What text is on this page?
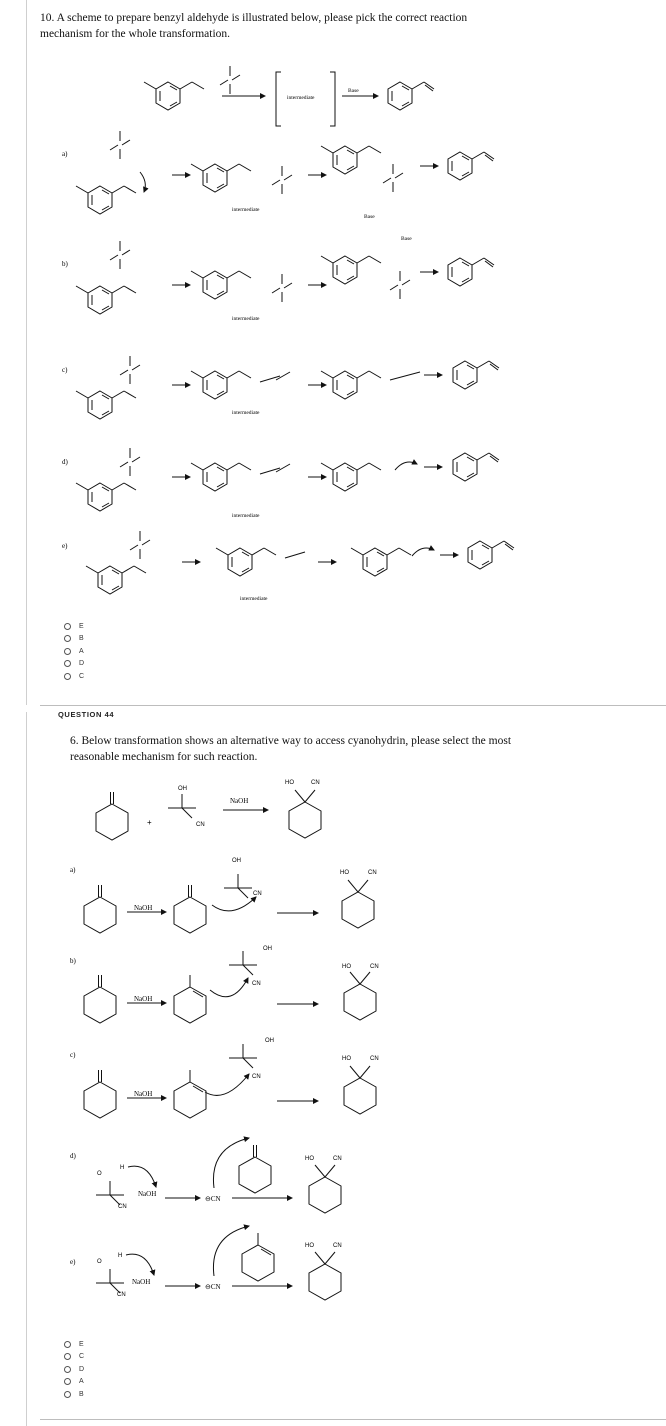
10. A scheme to prepare benzyl aldehyde is illustrated below, please pick the correct reaction
mechanism for the whole transformation.
intermediate
Base
a)
intermediate
Base
b)
intermediate
Base
c)
intermediate
d)
intermediate
e)
intermediate
E
B
A
D
C
QUESTION 44
6. Below transformation shows an alternative way to access cyanohydrin, please select the most
reasonable mechanism for such reaction.
+
OH
CN
NaOH
HO	CN
a)
NaOH
OH
CN
HO	CN
b)
NaOH
OH
CN
HO	CN
c)
NaOH
OH
CN
HO	CN
d)
O
H
CN
NaOH
⊖CN
HO	CN
e)	O
H
CN
NaOH
⊖CN
HO	CN
E
C
D
A
B
